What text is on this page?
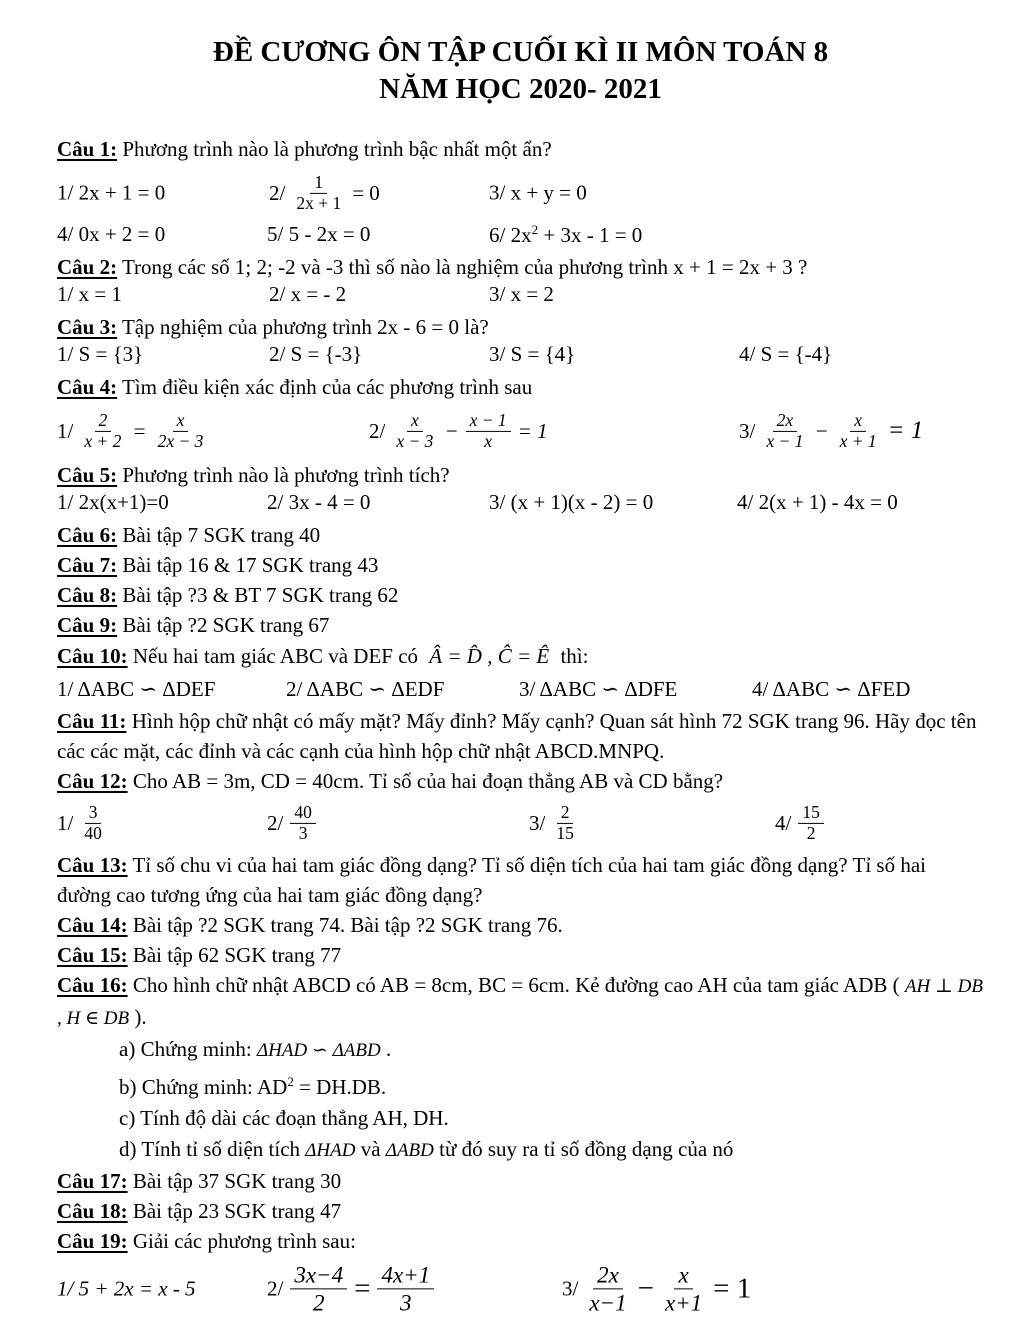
ĐỀ CƯƠNG ÔN TẬP CUỐI KÌ II MÔN TOÁN 8
NĂM HỌC 2020- 2021
Câu 1: Phương trình nào là phương trình bậc nhất một ẩn?
1/ 2x + 1 = 0	$2/ \frac{1}{2x + 1} = 0$	3/ x + y = 0
4/ 0x + 2 = 0	5/ 5 - 2x = 0	6/ $2x^2 + 3x - 1 = 0$
Câu 2: Trong các số 1; 2; -2 và -3 thì số nào là nghiệm của phương trình x + 1 = 2x + 3 ?
1/ x = 1	2/ x = - 2	3/ x = 2
Câu 3: Tập nghiệm của phương trình 2x - 6 = 0 là?
1/ S = {3}	2/ S = {-3}	3/ S = {4}	4/ S = {-4}
Câu 4: Tìm điều kiện xác định của các phương trình sau
$1/ \frac{2}{x + 2} = \frac{x}{2x - 3}$	$2/ \frac{x}{x - 3} - \frac{x - 1}{x} = 1$	$3/ \frac{2x}{x - 1} - \frac{x}{x + 1} = 1$
Câu 5: Phương trình nào là phương trình tích?
1/ 2x(x+1)=0	2/ 3x - 4 = 0	3/ (x + 1)(x - 2) = 0	4/ 2(x + 1) - 4x = 0
Câu 6: Bài tập 7 SGK trang 40
Câu 7: Bài tập 16 & 17 SGK trang 43
Câu 8: Bài tập ?3 & BT 7 SGK trang 62
Câu 9: Bài tập ?2 SGK trang 67
Câu 10: Nếu hai tam giác ABC và DEF có Â = D̂ , Ĉ = Ê thì:
1/ ΔABC ∽ ΔDEF	2/ ΔABC ∽ ΔEDF	3/ ΔABC ∽ ΔDFE	4/ ΔABC ∽ ΔFED
Câu 11: Hình hộp chữ nhật có mấy mặt? Mấy đỉnh? Mấy cạnh? Quan sát hình 72 SGK trang 96. Hãy đọc tên các các mặt, các đỉnh và các cạnh của hình hộp chữ nhật ABCD.MNPQ.
Câu 12: Cho AB = 3m, CD = 40cm. Tỉ số của hai đoạn thẳng AB và CD bằng?
$1/ \frac{3}{40}$	$2/ \frac{40}{3}$	$3/ \frac{2}{15}$	$4/ \frac{15}{2}$
Câu 13: Tỉ số chu vi của hai tam giác đồng dạng? Tỉ số diện tích của hai tam giác đồng dạng? Tỉ số hai đường cao tương ứng của hai tam giác đồng dạng?
Câu 14: Bài tập ?2 SGK trang 74. Bài tập ?2 SGK trang 76.
Câu 15: Bài tập 62 SGK trang 77
Câu 16: Cho hình chữ nhật ABCD có AB = 8cm, BC = 6cm. Kẻ đường cao AH của tam giác ADB ( AH ⊥ DB , H ∈ DB ).
a) Chứng minh: ΔHAD ∽ ΔABD .
b) Chứng minh: $AD^2 = DH.DB$.
c) Tính độ dài các đoạn thẳng AH, DH.
d) Tính tỉ số diện tích ΔHAD và ΔABD từ đó suy ra tỉ số đồng dạng của nó
Câu 17: Bài tập 37 SGK trang 30
Câu 18: Bài tập 23 SGK trang 47
Câu 19: Giải các phương trình sau:
1/ 5 + 2x = x - 5	$2/ \frac{3x-4}{2} = \frac{4x+1}{3}$	$3/ \frac{2x}{x-1} - \frac{x}{x+1} = 1$
